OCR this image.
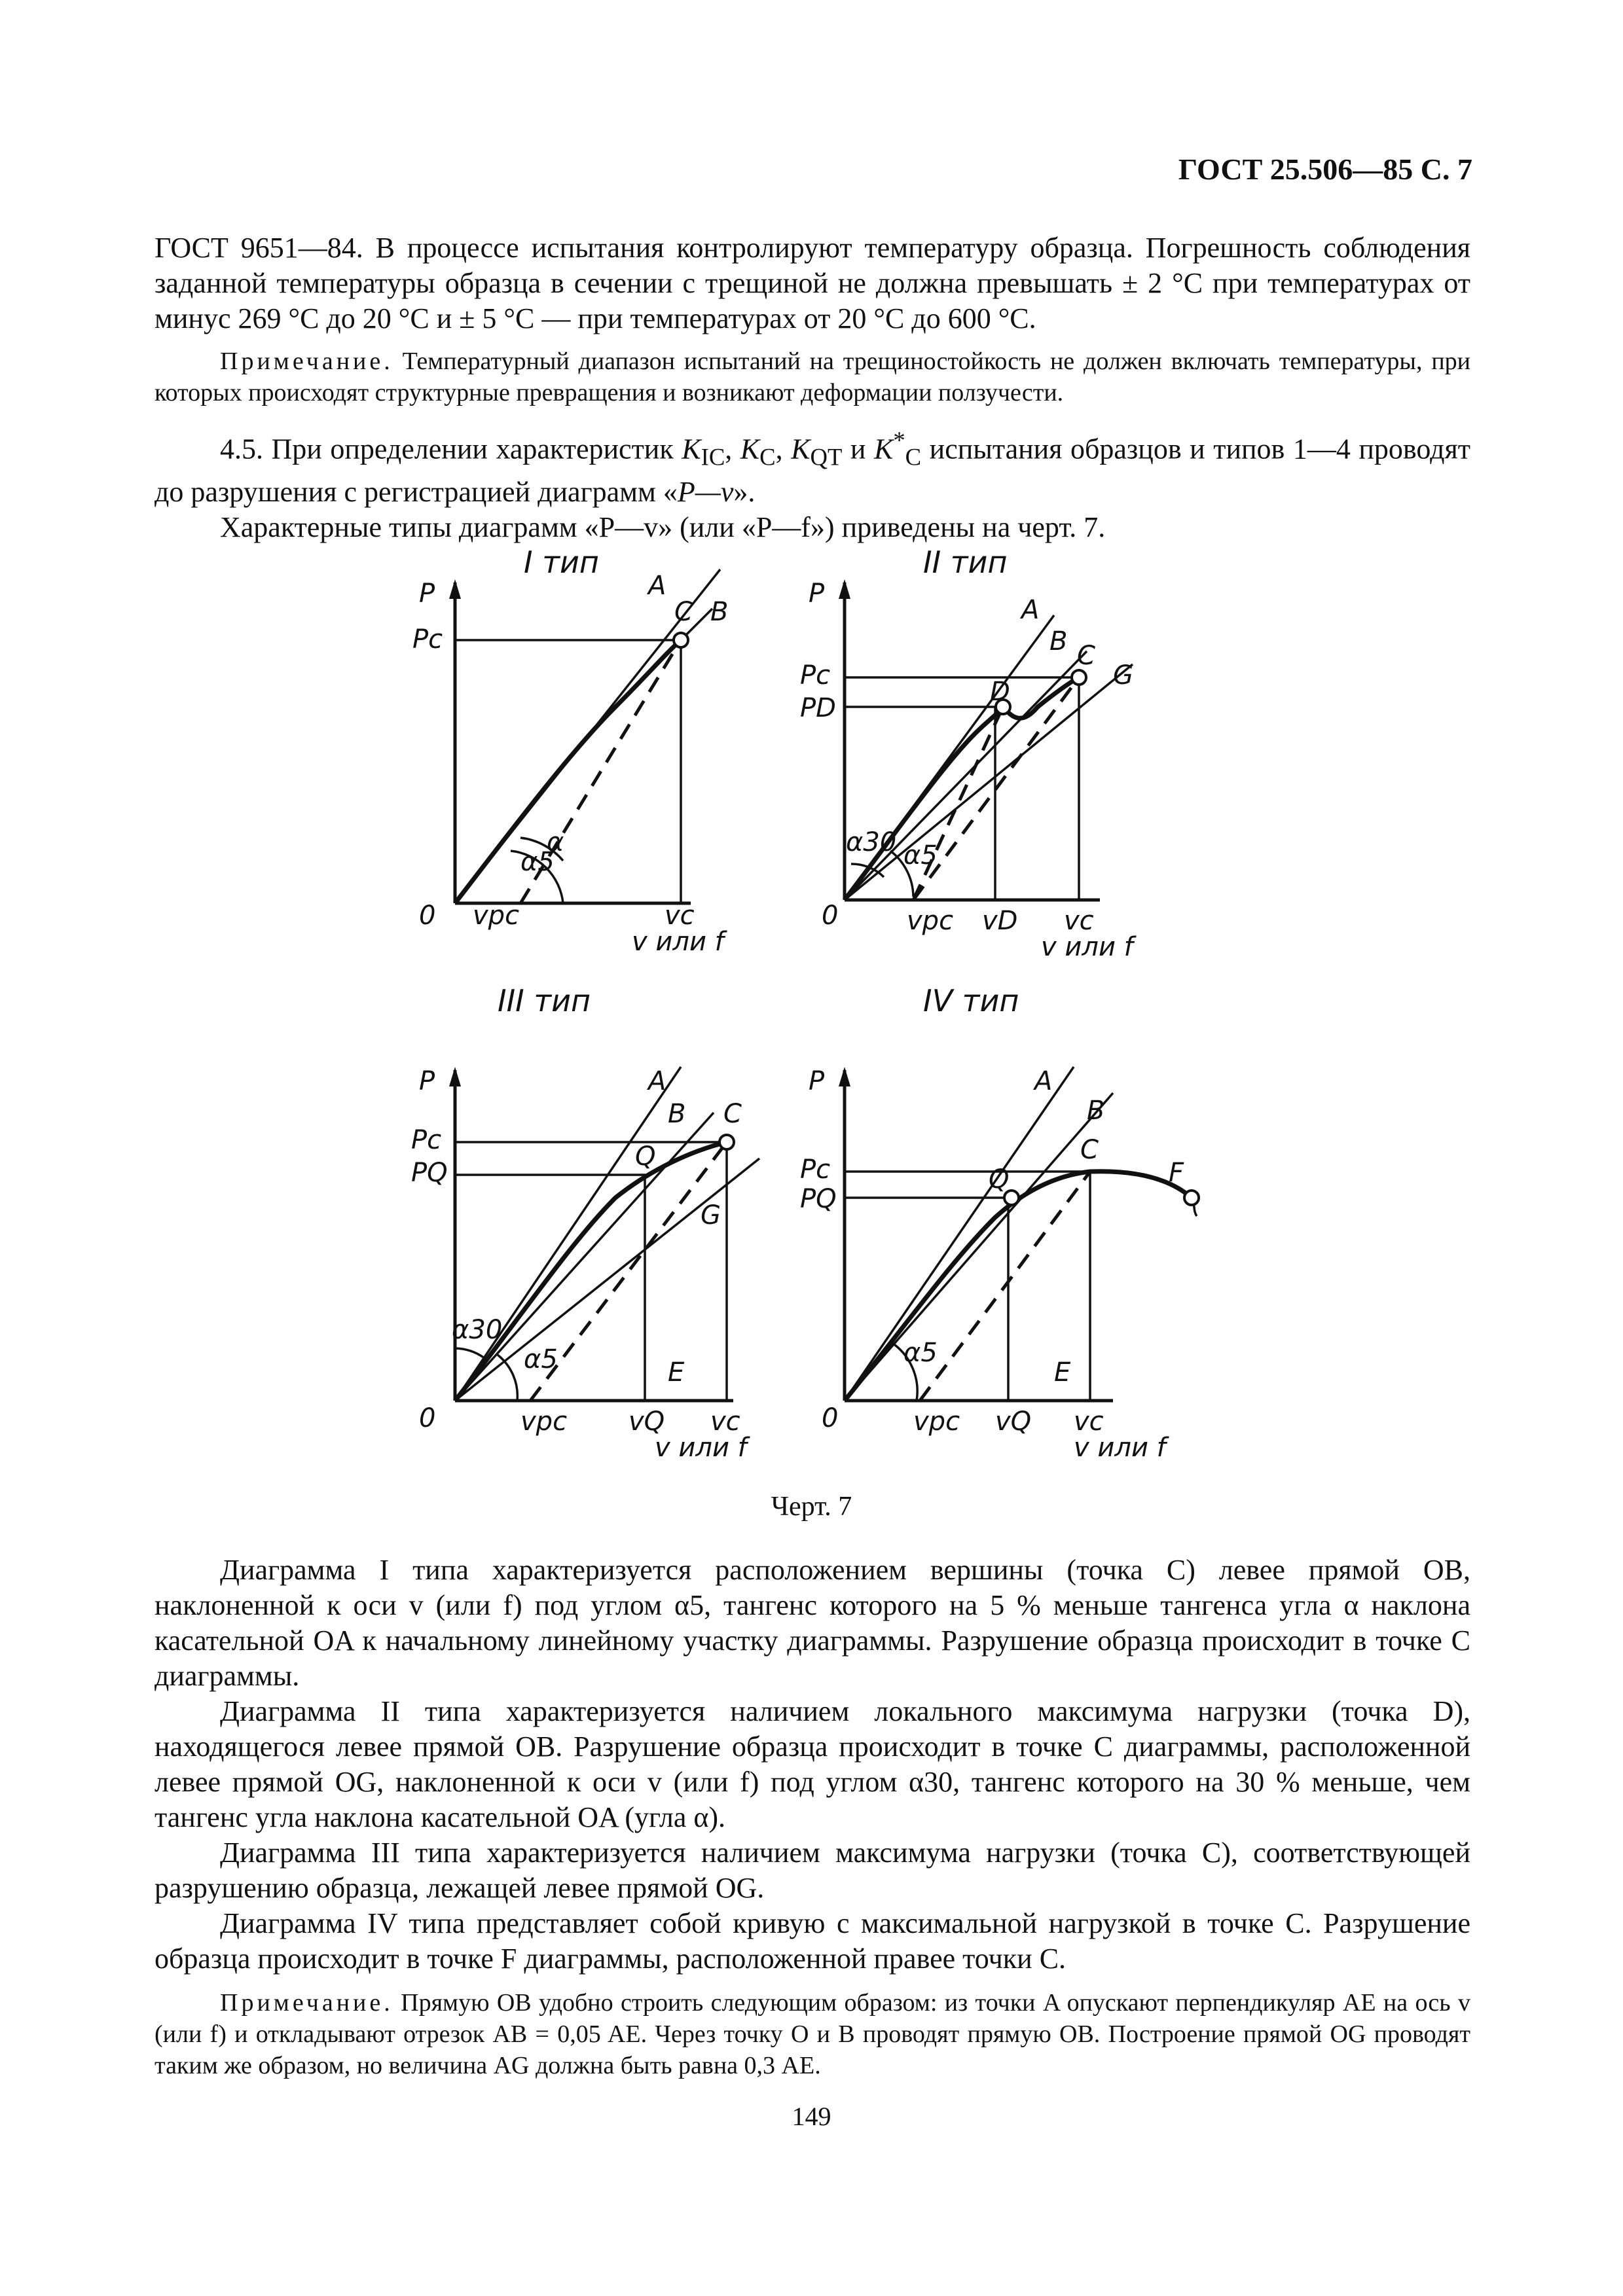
ГОСТ 25.506—85 С. 7

ГОСТ 9651—84. В процессе испытания контролируют температуру образца. Погрешность соблюдения заданной температуры образца в сечении с трещиной не должна превышать ± 2 °С при температурах от минус 269 °С до 20 °С и ± 5 °С — при температурах от 20 °С до 600 °С.

Примечание. Температурный диапазон испытаний на трещиностойкость не должен включать температуры, при которых происходят структурные превращения и возникают деформации ползучести.

4.5. При определении характеристик $K_{IC}$, $K_C$, $K_{QT}$ и $K^*_C$ испытания образцов и типов 1—4 проводят до разрушения с регистрацией диаграмм «P—v».

Характерные типы диаграмм «P—v» (или «P—f») приведены на черт. 7.

I тип
P
Pc
A
C B
α
α5
0 vpc	vc
v или f
II тип
P
Pc
PD
A
B C
G
D
α30 α5
0	vpc vD vc
v или f
III тип
P
Pc
PQ
A
B C
Q
G
E
α30
α5
0	vpc vQ vc
v или f
IV тип
P
Pc
PQ
A
B
C
Q	F
E
α5
0	vpc vQ vc
v или f
Черт. 7

Диаграмма I типа характеризуется расположением вершины (точка C) левее прямой OB, наклоненной к оси v (или f) под углом α5, тангенс которого на 5 % меньше тангенса угла α наклона касательной OA к начальному линейному участку диаграммы. Разрушение образца происходит в точке C диаграммы.

Диаграмма II типа характеризуется наличием локального максимума нагрузки (точка D), находящегося левее прямой OB. Разрушение образца происходит в точке C диаграммы, расположенной левее прямой OG, наклоненной к оси v (или f) под углом α30, тангенс которого на 30 % меньше, чем тангенс угла наклона касательной OA (угла α).

Диаграмма III типа характеризуется наличием максимума нагрузки (точка C), соответствующей разрушению образца, лежащей левее прямой OG.

Диаграмма IV типа представляет собой кривую с максимальной нагрузкой в точке C. Разрушение образца происходит в точке F диаграммы, расположенной правее точки C.

Примечание. Прямую OB удобно строить следующим образом: из точки A опускают перпендикуляр AE на ось v (или f) и откладывают отрезок AB = 0,05 AE. Через точку O и B проводят прямую OB. Построение прямой OG проводят таким же образом, но величина AG должна быть равна 0,3 AE.

149
